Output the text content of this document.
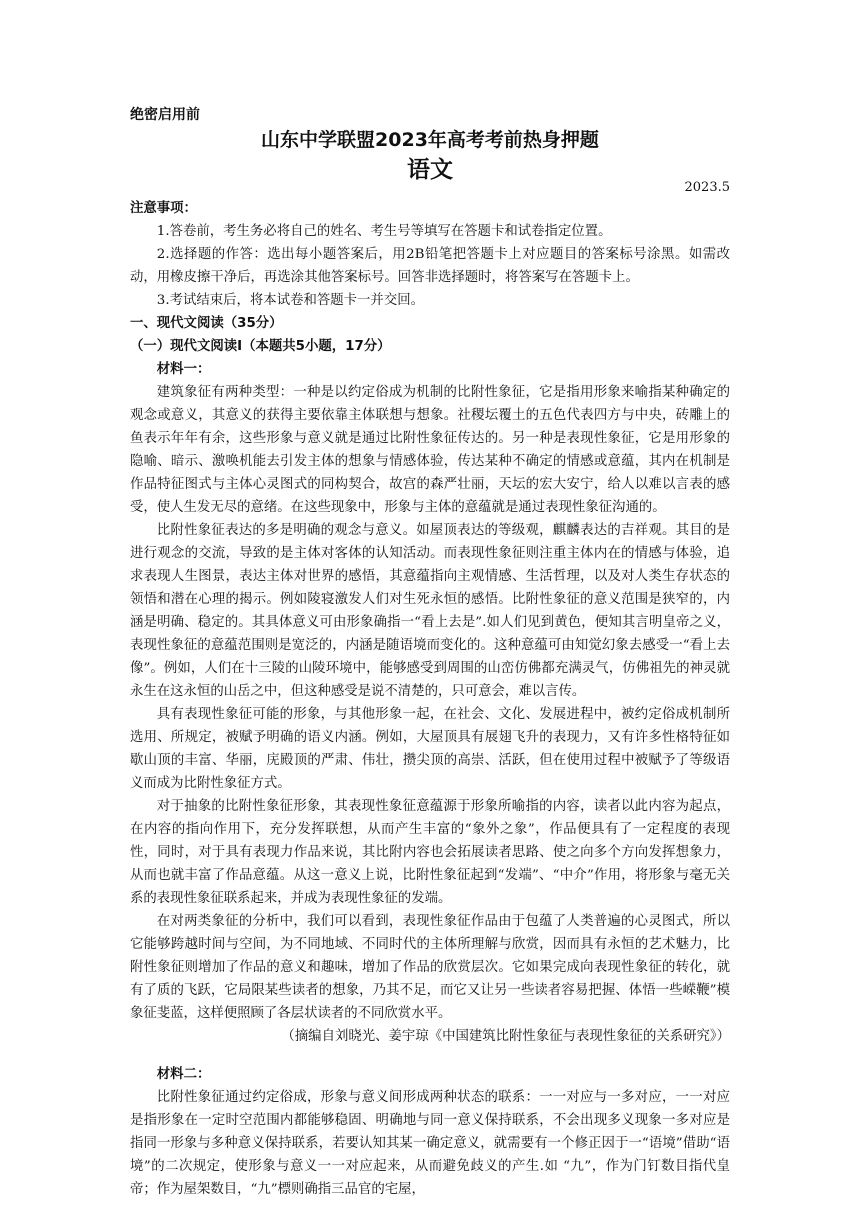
绝密启用前
山东中学联盟2023年高考考前热身押题
语文
2023.5
注意事项：

1.答卷前，考生务必将自己的姓名、考生号等填写在答题卡和试卷指定位置。

2.选择题的作答：选出每小题答案后，用2B铅笔把答题卡上对应题目的答案标号涂黑。如需改动，用橡皮擦干净后，再选涂其他答案标号。回答非选择题时，将答案写在答题卡上。

3.考试结束后，将本试卷和答题卡一并交回。

一、现代文阅读（35分）
（一）现代文阅读Ⅰ（本题共5小题，17分）
材料一：

建筑象征有两种类型：一种是以约定俗成为机制的比附性象征，它是指用形象来喻指某种确定的观念或意义，其意义的获得主要依靠主体联想与想象。社稷坛覆土的五色代表四方与中央，砖雕上的鱼表示年年有余，这些形象与意义就是通过比附性象征传达的。另一种是表现性象征，它是用形象的隐喻、暗示、激唤机能去引发主体的想象与情感体验，传达某种不确定的情感或意蕴，其内在机制是作品特征图式与主体心灵图式的同构契合，故宫的森严壮丽，天坛的宏大安宁，给人以难以言表的感受，使人生发无尽的意绪。在这些现象中，形象与主体的意蕴就是通过表现性象征沟通的。

比附性象征表达的多是明确的观念与意义。如屋顶表达的等级观，麒麟表达的吉祥观。其目的是进行观念的交流，导致的是主体对客体的认知活动。而表现性象征则注重主体内在的情感与体验，追求表现人生图景，表达主体对世界的感悟，其意蕴指向主观情感、生活哲理，以及对人类生存状态的领悟和潜在心理的揭示。例如陵寝激发人们对生死永恒的感悟。比附性象征的意义范围是狭窄的，内涵是明确、稳定的。其具体意义可由形象确指一“看上去是”.如人们见到黄色，便知其言明皇帝之义，表现性象征的意蕴范围则是宽泛的，内涵是随语境而变化的。这种意蕴可由知觉幻象去感受一“看上去像”。例如，人们在十三陵的山陵环境中，能够感受到周围的山峦仿佛都充满灵气，仿佛祖先的神灵就永生在这永恒的山岳之中，但这种感受是说不清楚的，只可意会，难以言传。

具有表现性象征可能的形象，与其他形象一起，在社会、文化、发展进程中，被约定俗成机制所选用、所规定，被赋予明确的语义内涵。例如，大屋顶具有展翅飞升的表现力，又有许多性格特征如歇山顶的丰富、华丽，庑殿顶的严肃、伟壮，攒尖顶的高崇、活跃，但在使用过程中被赋予了等级语义而成为比附性象征方式。

对于抽象的比附性象征形象，其表现性象征意蕴源于形象所喻指的内容，读者以此内容为起点，在内容的指向作用下，充分发挥联想，从而产生丰富的“象外之象”，作品便具有了一定程度的表现性，同时，对于具有表现力作品来说，其比附内容也会拓展读者思路、使之向多个方向发挥想象力，从而也就丰富了作品意蕴。从这一意义上说，比附性象征起到“发端”、“中介”作用，将形象与毫无关系的表现性象征联系起来，并成为表现性象征的发端。

在对两类象征的分析中，我们可以看到，表现性象征作品由于包蕴了人类普遍的心灵图式，所以它能够跨越时间与空间，为不同地域、不同时代的主体所理解与欣赏，因而具有永恒的艺术魅力，比附性象征则增加了作品的意义和趣味，增加了作品的欣赏层次。它如果完成向表现性象征的转化，就有了质的飞跃，它局限某些读者的想象，乃其不足，而它又让另一些读者容易把握、体悟一些嵘鞭”模象征斐蓝，这样便照顾了各层状读者的不同欣赏水平。

（摘编自刘晓光、姜宇琼《中国建筑比附性象征与表现性象征的关系研究》）

材料二：

比附性象征通过约定俗成，形象与意义间形成两种状态的联系：一一对应与一多对应，一一对应是指形象在一定时空范围内都能够稳固、明确地与同一意义保持联系，不会出现多义现象一多对应是指同一形象与多种意义保持联系，若要认知其某一确定意义，就需要有一个修正因于一“语境”借助“语境”的二次规定，使形象与意义一一对应起来，从而避免歧义的产生.如 “九”，作为门钉数目指代皇帝；作为屋架数目，“九”標则确指三品官的宅屋，
